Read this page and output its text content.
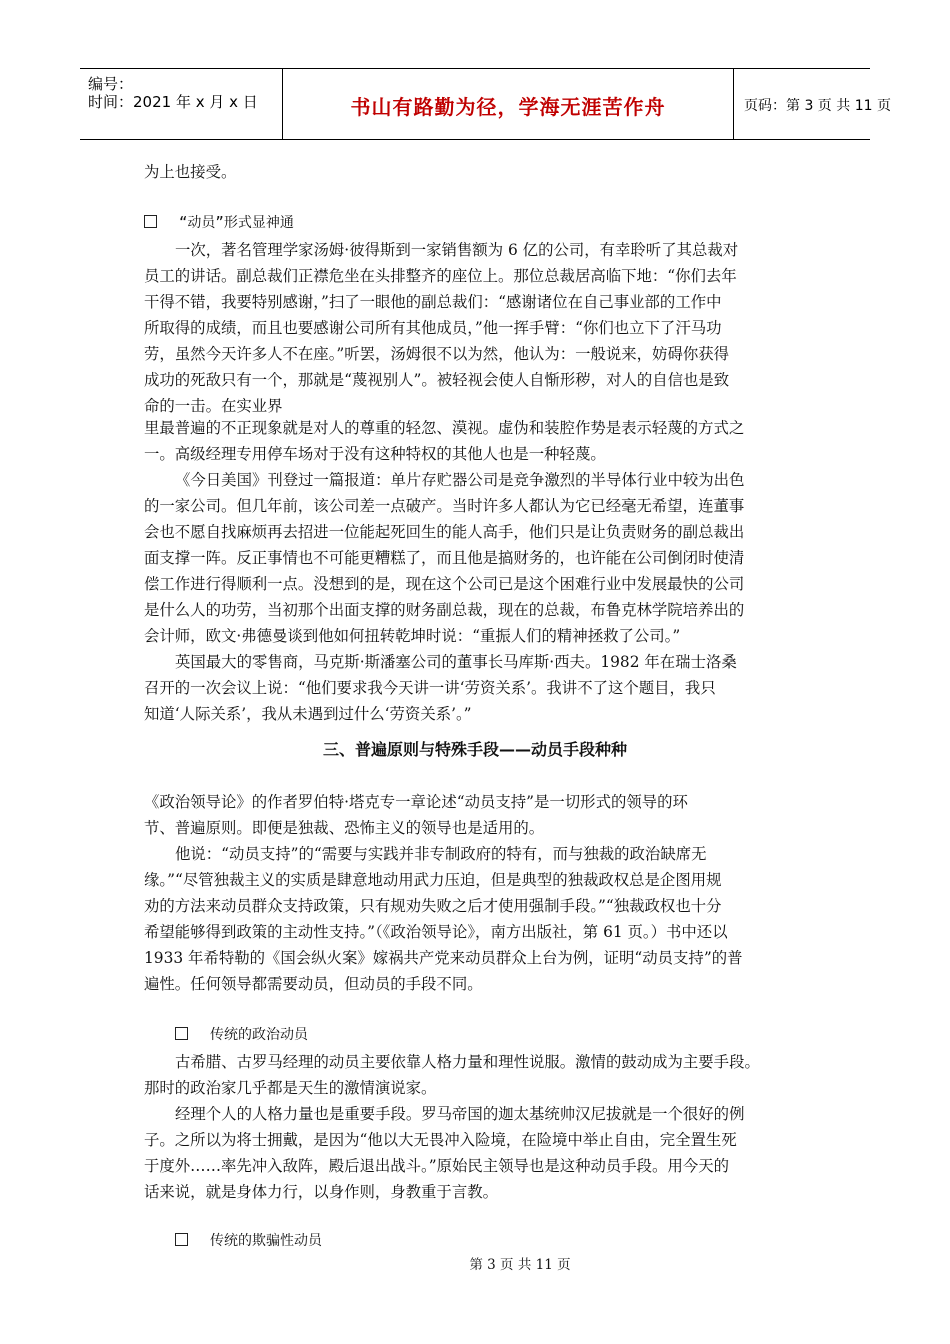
编号：
时间：2021 年 x 月 x 日	书山有路勤为径，学海无涯苦作舟	页码：第 3 页 共 11 页
为上也接受。
“动员”形式显神通
一次，著名管理学家汤姆·彼得斯到一家销售额为 6 亿的公司，有幸聆听了其总裁对
员工的讲话。副总裁们正襟危坐在头排整齐的座位上。那位总裁居高临下地：“你们去年
干得不错，我要特别感谢，”扫了一眼他的副总裁们：“感谢诸位在自己事业部的工作中
所取得的成绩，而且也要感谢公司所有其他成员，”他一挥手臂：“你们也立下了汗马功
劳，虽然今天许多人不在座。”听罢，汤姆很不以为然，他认为：一般说来，妨碍你获得
成功的死敌只有一个，那就是“蔑视别人”。被轻视会使人自惭形秽，对人的自信也是致
命的一击。在实业界
里最普遍的不正现象就是对人的尊重的轻忽、漠视。虚伪和装腔作势是表示轻蔑的方式之
一。高级经理专用停车场对于没有这种特权的其他人也是一种轻蔑。
《今日美国》刊登过一篇报道：单片存贮器公司是竞争激烈的半导体行业中较为出色
的一家公司。但几年前，该公司差一点破产。当时许多人都认为它已经毫无希望，连董事
会也不愿自找麻烦再去招进一位能起死回生的能人高手，他们只是让负责财务的副总裁出
面支撑一阵。反正事情也不可能更糟糕了，而且他是搞财务的，也许能在公司倒闭时使清
偿工作进行得顺利一点。没想到的是，现在这个公司已是这个困难行业中发展最快的公司
是什么人的功劳，当初那个出面支撑的财务副总裁，现在的总裁，布鲁克林学院培养出的
会计师，欧文·弗德曼谈到他如何扭转乾坤时说：“重振人们的精神拯救了公司。”
英国最大的零售商，马克斯·斯潘塞公司的董事长马库斯·西夫。1982 年在瑞士洛桑
召开的一次会议上说：“他们要求我今天讲一讲‘劳资关系’。我讲不了这个题目，我只
知道‘人际关系’，我从未遇到过什么‘劳资关系’。”
三、普遍原则与特殊手段——动员手段种种
《政治领导论》的作者罗伯特·塔克专一章论述“动员支持”是一切形式的领导的环
节、普遍原则。即便是独裁、恐怖主义的领导也是适用的。
他说：“动员支持”的“需要与实践并非专制政府的特有，而与独裁的政治缺席无
缘。”“尽管独裁主义的实质是肆意地动用武力压迫，但是典型的独裁政权总是企图用规
劝的方法来动员群众支持政策，只有规劝失败之后才使用强制手段。”“独裁政权也十分
希望能够得到政策的主动性支持。”（《政治领导论》，南方出版社，第 61 页。）书中还以
1933 年希特勒的《国会纵火案》嫁祸共产党来动员群众上台为例，证明“动员支持”的普
遍性。任何领导都需要动员，但动员的手段不同。
传统的政治动员
古希腊、古罗马经理的动员主要依靠人格力量和理性说服。激情的鼓动成为主要手段。
那时的政治家几乎都是天生的激情演说家。
经理个人的人格力量也是重要手段。罗马帝国的迦太基统帅汉尼拔就是一个很好的例
子。之所以为将士拥戴，是因为“他以大无畏冲入险境，在险境中举止自由，完全置生死
于度外……率先冲入敌阵，殿后退出战斗。”原始民主领导也是这种动员手段。用今天的
话来说，就是身体力行，以身作则，身教重于言教。
传统的欺骗性动员
第 3 页 共 11 页
